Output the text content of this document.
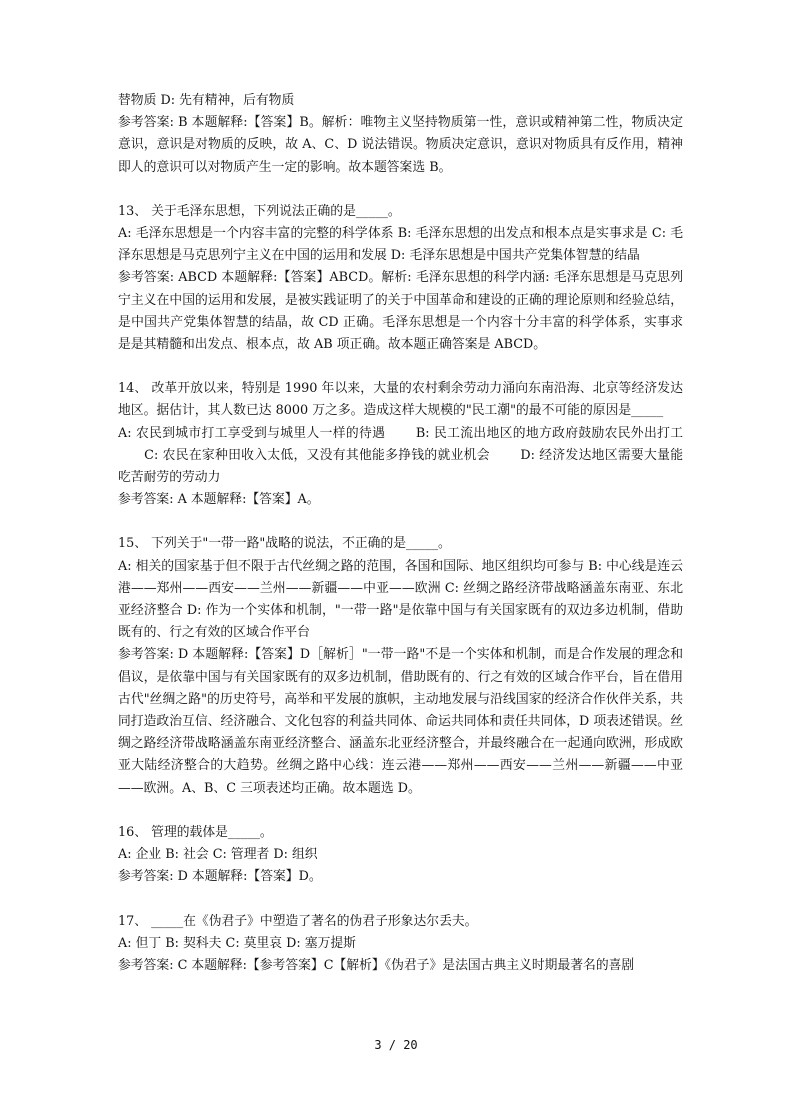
替物质 D: 先有精神，后有物质

参考答案: B 本题解释:【答案】B。解析：唯物主义坚持物质第一性，意识或精神第二性，物质决定意识，意识是对物质的反映，故 A、C、D 说法错误。物质决定意识，意识对物质具有反作用，精神即人的意识可以对物质产生一定的影响。故本题答案选 B。

13、 关于毛泽东思想，下列说法正确的是_____。

A: 毛泽东思想是一个内容丰富的完整的科学体系 B: 毛泽东思想的出发点和根本点是实事求是 C: 毛泽东思想是马克思列宁主义在中国的运用和发展 D: 毛泽东思想是中国共产党集体智慧的结晶

参考答案: ABCD 本题解释:【答案】ABCD。解析: 毛泽东思想的科学内涵: 毛泽东思想是马克思列宁主义在中国的运用和发展，是被实践证明了的关于中国革命和建设的正确的理论原则和经验总结，是中国共产党集体智慧的结晶，故 CD 正确。毛泽东思想是一个内容十分丰富的科学体系，实事求是是其精髓和出发点、根本点，故 AB 项正确。故本题正确答案是 ABCD。

14、 改革开放以来，特别是 1990 年以来，大量的农村剩余劳动力涌向东南沿海、北京等经济发达地区。据估计，其人数已达 8000 万之多。造成这样大规模的"民工潮"的最不可能的原因是_____

A: 农民到城市打工享受到与城里人一样的待遇 　　B: 民工流出地区的地方政府鼓励农民外出打工 　　C: 农民在家种田收入太低，又没有其他能多挣钱的就业机会 　　D: 经济发达地区需要大量能吃苦耐劳的劳动力

参考答案: A 本题解释:【答案】A。

15、 下列关于"一带一路"战略的说法，不正确的是_____。

A: 相关的国家基于但不限于古代丝绸之路的范围，各国和国际、地区组织均可参与 B: 中心线是连云港——郑州——西安——兰州——新疆——中亚——欧洲 C: 丝绸之路经济带战略涵盖东南亚、东北亚经济整合 D: 作为一个实体和机制，"一带一路"是依靠中国与有关国家既有的双边多边机制，借助既有的、行之有效的区域合作平台

参考答案: D 本题解释:【答案】D［解析］"一带一路"不是一个实体和机制，而是合作发展的理念和倡议，是依靠中国与有关国家既有的双多边机制，借助既有的、行之有效的区域合作平台，旨在借用古代"丝绸之路"的历史符号，高举和平发展的旗帜，主动地发展与沿线国家的经济合作伙伴关系，共同打造政治互信、经济融合、文化包容的利益共同体、命运共同体和责任共同体，D 项表述错误。丝绸之路经济带战略涵盖东南亚经济整合、涵盖东北亚经济整合，并最终融合在一起通向欧洲，形成欧亚大陆经济整合的大趋势。丝绸之路中心线：连云港——郑州——西安——兰州——新疆——中亚——欧洲。A、B、C 三项表述均正确。故本题选 D。

16、 管理的载体是_____。

A: 企业 B: 社会 C: 管理者 D: 组织

参考答案: D 本题解释:【答案】D。

17、 _____在《伪君子》中塑造了著名的伪君子形象达尔丢夫。

A: 但丁 B: 契科夫 C: 莫里哀 D: 塞万提斯

参考答案: C 本题解释:【参考答案】C【解析】《伪君子》是法国古典主义时期最著名的喜剧

3 / 20
